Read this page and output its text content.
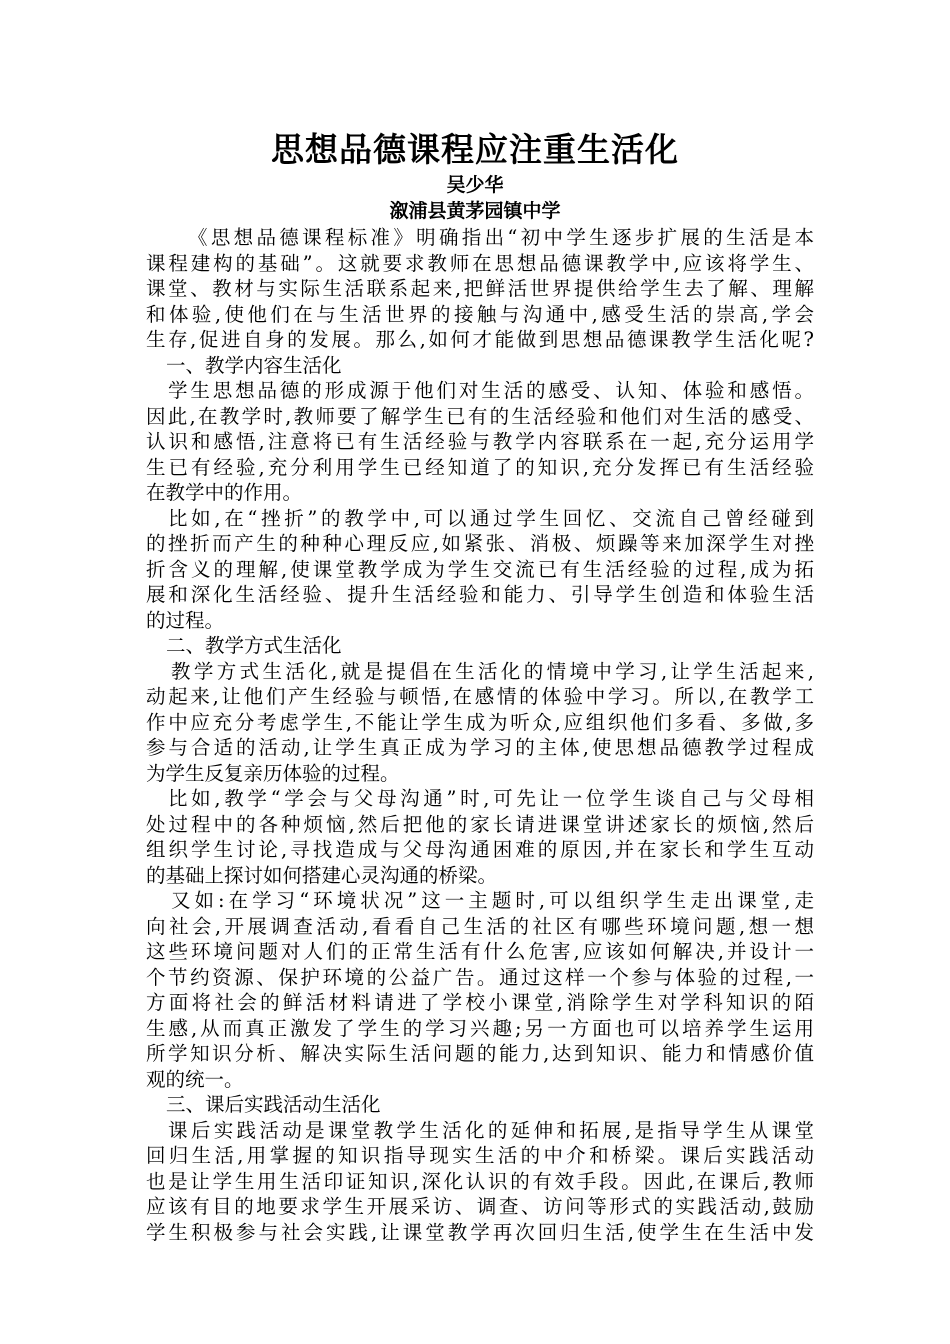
思想品德课程应注重生活化
吴少华
溆浦县黄茅园镇中学
《思想品德课程标准》明确指出“初中学生逐步扩展的生活是本
课程建构的基础”。这就要求教师在思想品德课教学中,应该将学生、
课堂、教材与实际生活联系起来,把鲜活世界提供给学生去了解、理解
和体验,使他们在与生活世界的接触与沟通中,感受生活的崇高,学会
生存,促进自身的发展。那么,如何才能做到思想品德课教学生活化呢?
一、教学内容生活化
学生思想品德的形成源于他们对生活的感受、认知、体验和感悟。
因此,在教学时,教师要了解学生已有的生活经验和他们对生活的感受、
认识和感悟,注意将已有生活经验与教学内容联系在一起,充分运用学
生已有经验,充分利用学生已经知道了的知识,充分发挥已有生活经验
在教学中的作用。
比如,在“挫折”的教学中,可以通过学生回忆、交流自己曾经碰到
的挫折而产生的种种心理反应,如紧张、消极、烦躁等来加深学生对挫
折含义的理解,使课堂教学成为学生交流已有生活经验的过程,成为拓
展和深化生活经验、提升生活经验和能力、引导学生创造和体验生活
的过程。
二、教学方式生活化
教学方式生活化,就是提倡在生活化的情境中学习,让学生活起来,
动起来,让他们产生经验与顿悟,在感情的体验中学习。所以,在教学工
作中应充分考虑学生,不能让学生成为听众,应组织他们多看、多做,多
参与合适的活动,让学生真正成为学习的主体,使思想品德教学过程成
为学生反复亲历体验的过程。
比如,教学“学会与父母沟通”时,可先让一位学生谈自己与父母相
处过程中的各种烦恼,然后把他的家长请进课堂讲述家长的烦恼,然后
组织学生讨论,寻找造成与父母沟通困难的原因,并在家长和学生互动
的基础上探讨如何搭建心灵沟通的桥梁。
又如:在学习“环境状况”这一主题时,可以组织学生走出课堂,走
向社会,开展调查活动,看看自己生活的社区有哪些环境问题,想一想
这些环境问题对人们的正常生活有什么危害,应该如何解决,并设计一
个节约资源、保护环境的公益广告。通过这样一个参与体验的过程,一
方面将社会的鲜活材料请进了学校小课堂,消除学生对学科知识的陌
生感,从而真正激发了学生的学习兴趣;另一方面也可以培养学生运用
所学知识分析、解决实际生活问题的能力,达到知识、能力和情感价值
观的统一。
三、课后实践活动生活化
课后实践活动是课堂教学生活化的延伸和拓展,是指导学生从课堂
回归生活,用掌握的知识指导现实生活的中介和桥梁。课后实践活动
也是让学生用生活印证知识,深化认识的有效手段。因此,在课后,教师
应该有目的地要求学生开展采访、调查、访问等形式的实践活动,鼓励
学生积极参与社会实践,让课堂教学再次回归生活,使学生在生活中发
